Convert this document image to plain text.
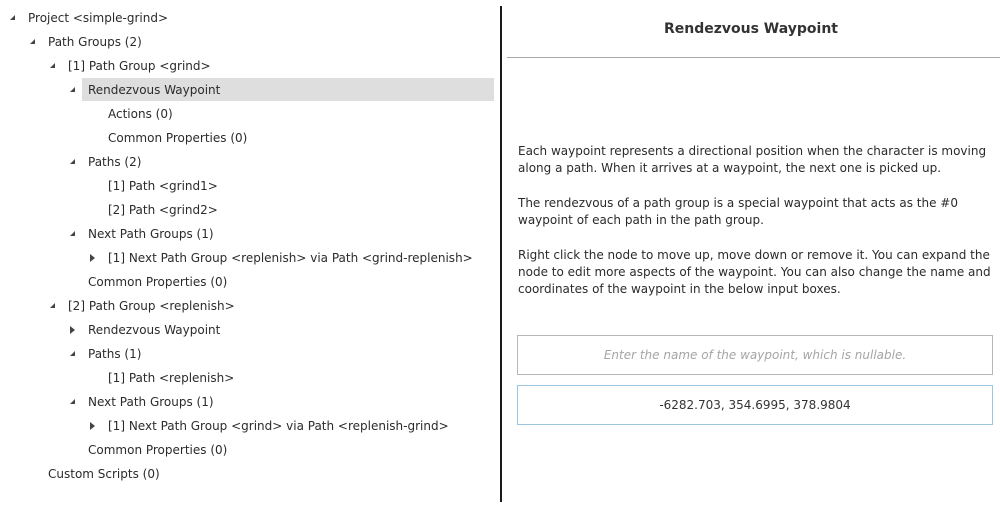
Project <simple-grind>
Path Groups (2)
[1] Path Group <grind>
Rendezvous Waypoint
Actions (0)
Common Properties (0)
Paths (2)
[1] Path <grind1>
[2] Path <grind2>
Next Path Groups (1)
[1] Next Path Group <replenish> via Path <grind-replenish>
Common Properties (0)
[2] Path Group <replenish>
Rendezvous Waypoint
Paths (1)
[1] Path <replenish>
Next Path Groups (1)
[1] Next Path Group <grind> via Path <replenish-grind>
Common Properties (0)
Custom Scripts (0)
Rendezvous Waypoint

Each waypoint represents a directional position when the character is moving along a path. When it arrives at a waypoint, the next one is picked up.

The rendezvous of a path group is a special waypoint that acts as the #0 waypoint of each path in the path group.

Right click the node to move up, move down or remove it. You can expand the node to edit more aspects of the waypoint. You can also change the name and coordinates of the waypoint in the below input boxes.

Enter the name of the waypoint, which is nullable.
-6282.703, 354.6995, 378.9804
